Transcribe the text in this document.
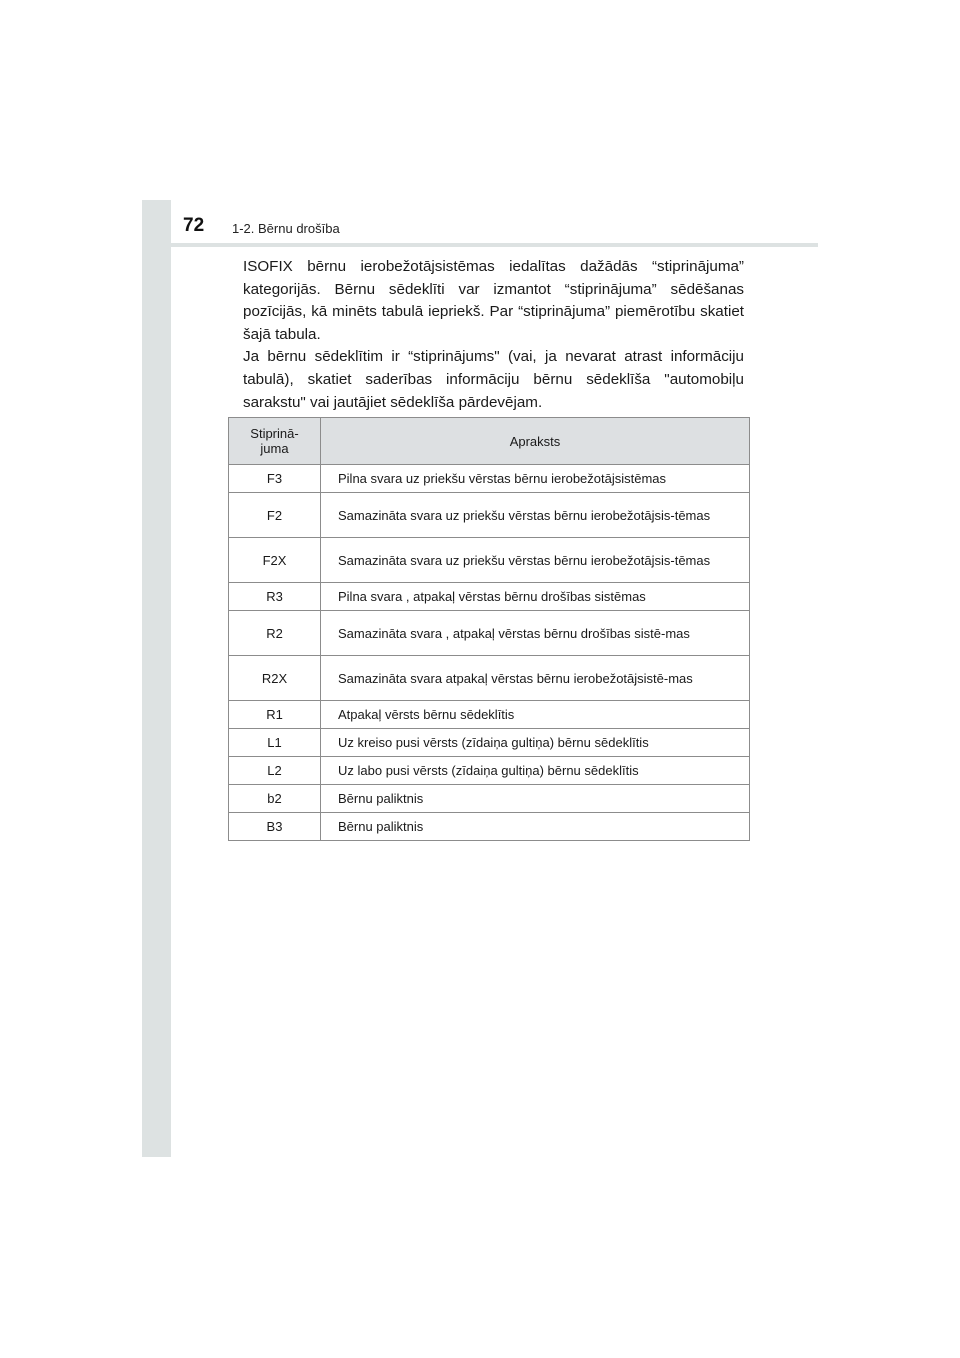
72 1-2. Bērnu drošība

ISOFIX bērnu ierobežotājsistēmas iedalītas dažādās “stiprinājuma” kategorijās. Bērnu sēdeklīti var izmantot “stiprinājuma” sēdēšanas pozīcijās, kā minēts tabulā iepriekš. Par “stiprinājuma” piemērotību skatiet šajā tabula.

Ja bērnu sēdeklītim ir “stiprinājums" (vai, ja nevarat atrast informāciju tabulā), skatiet saderības informāciju bērnu sēdeklīša "automobiļu sarakstu" vai jautājiet sēdeklīša pārdevējam.

Stiprinā-
juma	Apraksts
F3	Pilna svara uz priekšu vērstas bērnu ierobežotājsistēmas
F2	Samazināta svara uz priekšu vērstas bērnu ierobežotājsis-tēmas
F2X	Samazināta svara uz priekšu vērstas bērnu ierobežotājsis-tēmas
R3	Pilna svara , atpakaļ vērstas bērnu drošības sistēmas
R2	Samazināta svara , atpakaļ vērstas bērnu drošības sistē-mas
R2X	Samazināta svara atpakaļ vērstas bērnu ierobežotājsistē-mas
R1	Atpakaļ vērsts bērnu sēdeklītis
L1	Uz kreiso pusi vērsts (zīdaiņa gultiņa) bērnu sēdeklītis
L2	Uz labo pusi vērsts (zīdaiņa gultiņa) bērnu sēdeklītis
b2	Bērnu paliktnis
B3	Bērnu paliktnis
